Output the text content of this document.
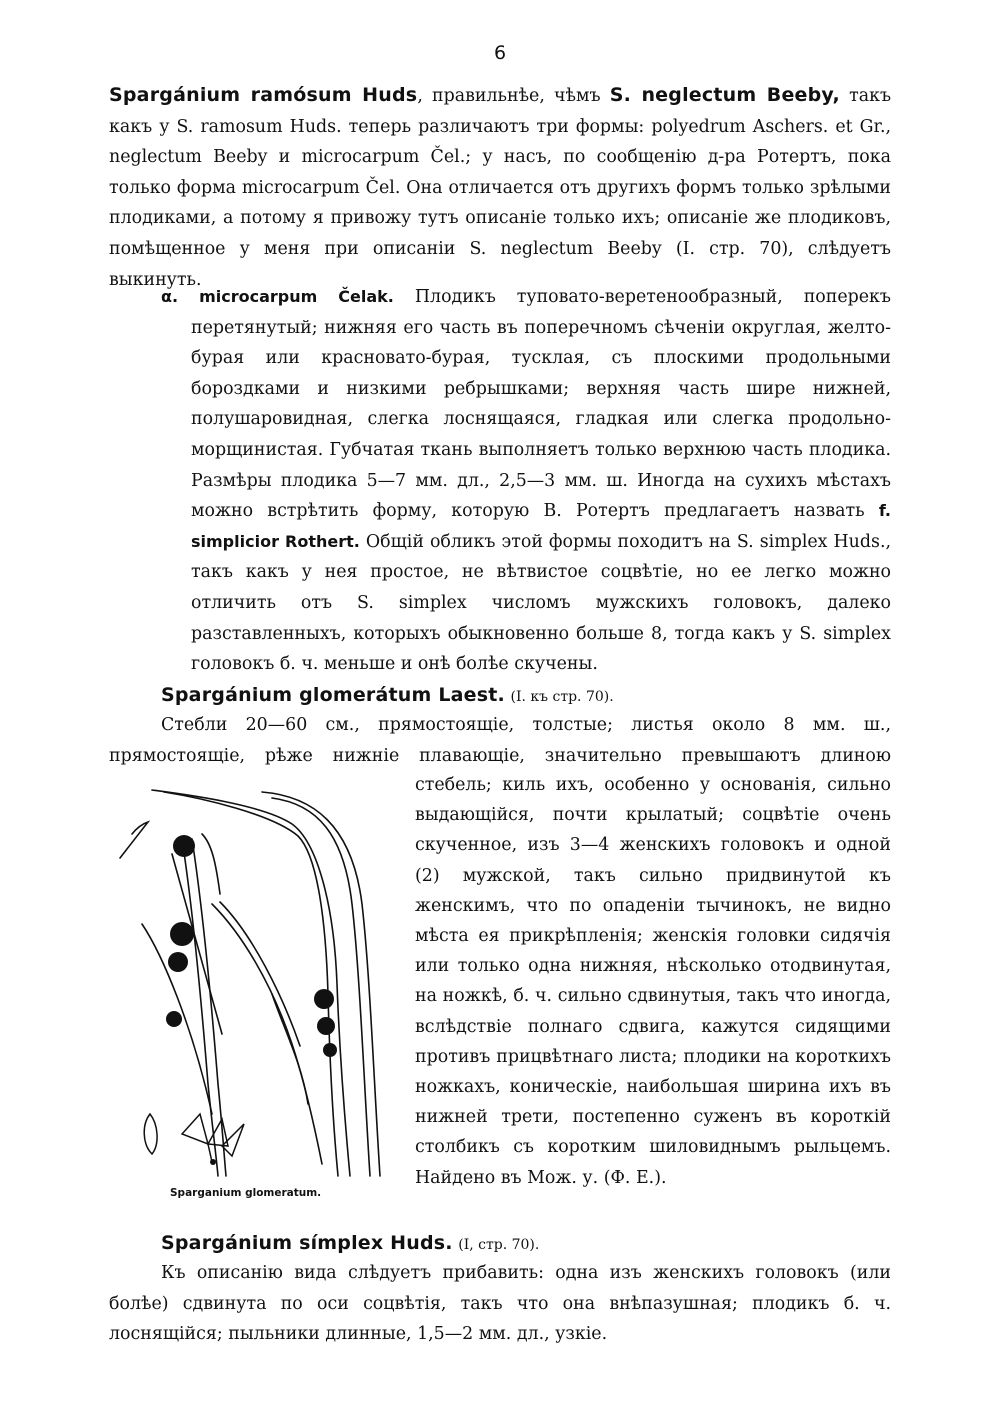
6

Spargánium ramósum Huds, правильнѣе, чѣмъ S. neglectum Beeby, такъ какъ у S. ramosum Huds. теперь различаютъ три формы: polyedrum Aschers. et Gr., neglectum Beeby и microcarpum Čel.; у насъ, по сообщенію д-ра Ротертъ, пока только форма microcarpum Čel. Она отличается отъ другихъ формъ только зрѣлыми плодиками, а потому я привожу тутъ описаніе только ихъ; описаніе же плодиковъ, помѣщенное у меня при описаніи S. neglectum Beeby (I. стр. 70), слѣдуетъ выкинуть.

α. microcarpum Čelak. Плодикъ туповато-веретенообразный, поперекъ перетянутый; нижняя его часть въ поперечномъ сѣченіи округлая, желто-бурая или красновато-бурая, тусклая, съ плоскими продольными бороздками и низкими ребрышками; верхняя часть шире нижней, полушаровидная, слегка лоснящаяся, гладкая или слегка продольно-морщинистая. Губчатая ткань выполняетъ только верхнюю часть плодика. Размѣры плодика 5—7 мм. дл., 2,5—3 мм. ш. Иногда на сухихъ мѣстахъ можно встрѣтить форму, которую В. Ротертъ предлагаетъ назвать f. simplicior Rothert. Общій обликъ этой формы походитъ на S. simplex Huds., такъ какъ у нея простое, не вѣтвистое соцвѣтіе, но ее легко можно отличить отъ S. simplex числомъ мужскихъ головокъ, далеко разставленныхъ, которыхъ обыкновенно больше 8, тогда какъ у S. simplex головокъ б. ч. меньше и онѣ болѣе скучены.

Spargánium glomerátum Laest. (I. къ стр. 70).

Стебли 20—60 см., прямостоящіе, толстые; листья около 8 мм. ш., прямостоящіе, рѣже нижніе плавающіе, значительно превышаютъ длиною

стебель; киль ихъ, особенно у основанія, сильно выдающійся, почти крылатый; соцвѣтіе очень скученное, изъ 3—4 женскихъ головокъ и одной (2) мужской, такъ сильно придвинутой къ женскимъ, что по опаденіи тычинокъ, не видно мѣста ея прикрѣпленія; женскія головки сидячія или только одна нижняя, нѣсколько отодвинутая, на ножкѣ, б. ч. сильно сдвинутыя, такъ что иногда, вслѣдствіе полнаго сдвига, кажутся сидящими противъ прицвѣтнаго листа; плодики на короткихъ ножкахъ, коническіе, наибольшая ширина ихъ въ нижней трети, постепенно суженъ въ короткій столбикъ съ коротким шиловиднымъ рыльцемъ. Найдено въ Мож. у. (Ф. Е.).

Sparganium glomeratum.
Spargánium símplex Huds. (I, стр. 70).

Къ описанію вида слѣдуетъ прибавить: одна изъ женскихъ головокъ (или болѣе) сдвинута по оси соцвѣтія, такъ что она внѣпазушная; плодикъ б. ч. лоснящійся; пыльники длинные, 1,5—2 мм. дл., узкіе.
